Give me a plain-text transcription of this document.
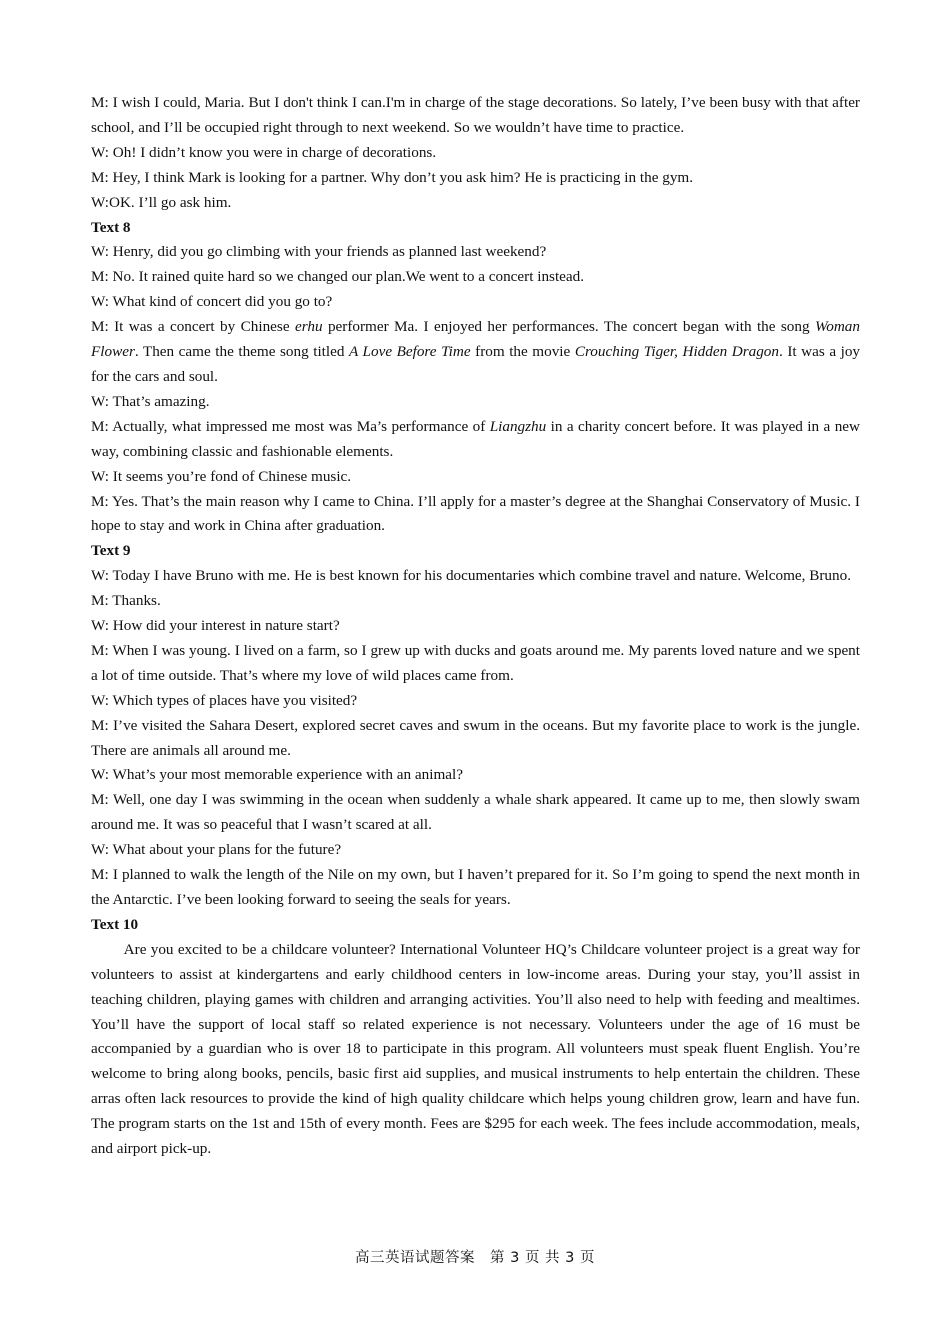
M: I wish I could, Maria. But I don't think I can.I'm in charge of the stage decorations. So lately, I’ve been busy with that after school, and I’ll be occupied right through to next weekend. So we wouldn’t have time to practice.

W: Oh! I didn’t know you were in charge of decorations.

M: Hey, I think Mark is looking for a partner. Why don’t you ask him? He is practicing in the gym.

W:OK. I’ll go ask him.

Text 8

W: Henry, did you go climbing with your friends as planned last weekend?

M: No. It rained quite hard so we changed our plan.We went to a concert instead.

W: What kind of concert did you go to?

M: It was a concert by Chinese erhu performer Ma. I enjoyed her performances. The concert began with the song Woman Flower. Then came the theme song titled A Love Before Time from the movie Crouching Tiger, Hidden Dragon. It was a joy for the cars and soul.

W: That’s amazing.

M: Actually, what impressed me most was Ma’s performance of Liangzhu in a charity concert before. It was played in a new way, combining classic and fashionable elements.

W: It seems you’re fond of Chinese music.

M: Yes. That’s the main reason why I came to China. I’ll apply for a master’s degree at the Shanghai Conservatory of Music. I hope to stay and work in China after graduation.

Text 9

W: Today I have Bruno with me. He is best known for his documentaries which combine travel and nature. Welcome, Bruno.

M: Thanks.

W: How did your interest in nature start?

M: When I was young. I lived on a farm, so I grew up with ducks and goats around me. My parents loved nature and we spent a lot of time outside. That’s where my love of wild places came from.

W: Which types of places have you visited?

M: I’ve visited the Sahara Desert, explored secret caves and swum in the oceans. But my favorite place to work is the jungle. There are animals all around me.

W: What’s your most memorable experience with an animal?

M: Well, one day I was swimming in the ocean when suddenly a whale shark appeared. It came up to me, then slowly swam around me. It was so peaceful that I wasn’t scared at all.

W: What about your plans for the future?

M: I planned to walk the length of the Nile on my own, but I haven’t prepared for it. So I’m going to spend the next month in the Antarctic. I’ve been looking forward to seeing the seals for years.

Text 10

Are you excited to be a childcare volunteer? International Volunteer HQ’s Childcare volunteer project is a great way for volunteers to assist at kindergartens and early childhood centers in low-income areas. During your stay, you’ll assist in teaching children, playing games with children and arranging activities. You’ll also need to help with feeding and mealtimes. You’ll have the support of local staff so related experience is not necessary. Volunteers under the age of 16 must be accompanied by a guardian who is over 18 to participate in this program. All volunteers must speak fluent English. You’re welcome to bring along books, pencils, basic first aid supplies, and musical instruments to help entertain the children. These arras often lack resources to provide the kind of high quality childcare which helps young children grow, learn and have fun. The program starts on the 1st and 15th of every month. Fees are $295 for each week. The fees include accommodation, meals, and airport pick-up.

高三英语试题答案　第 3 页 共 3 页
